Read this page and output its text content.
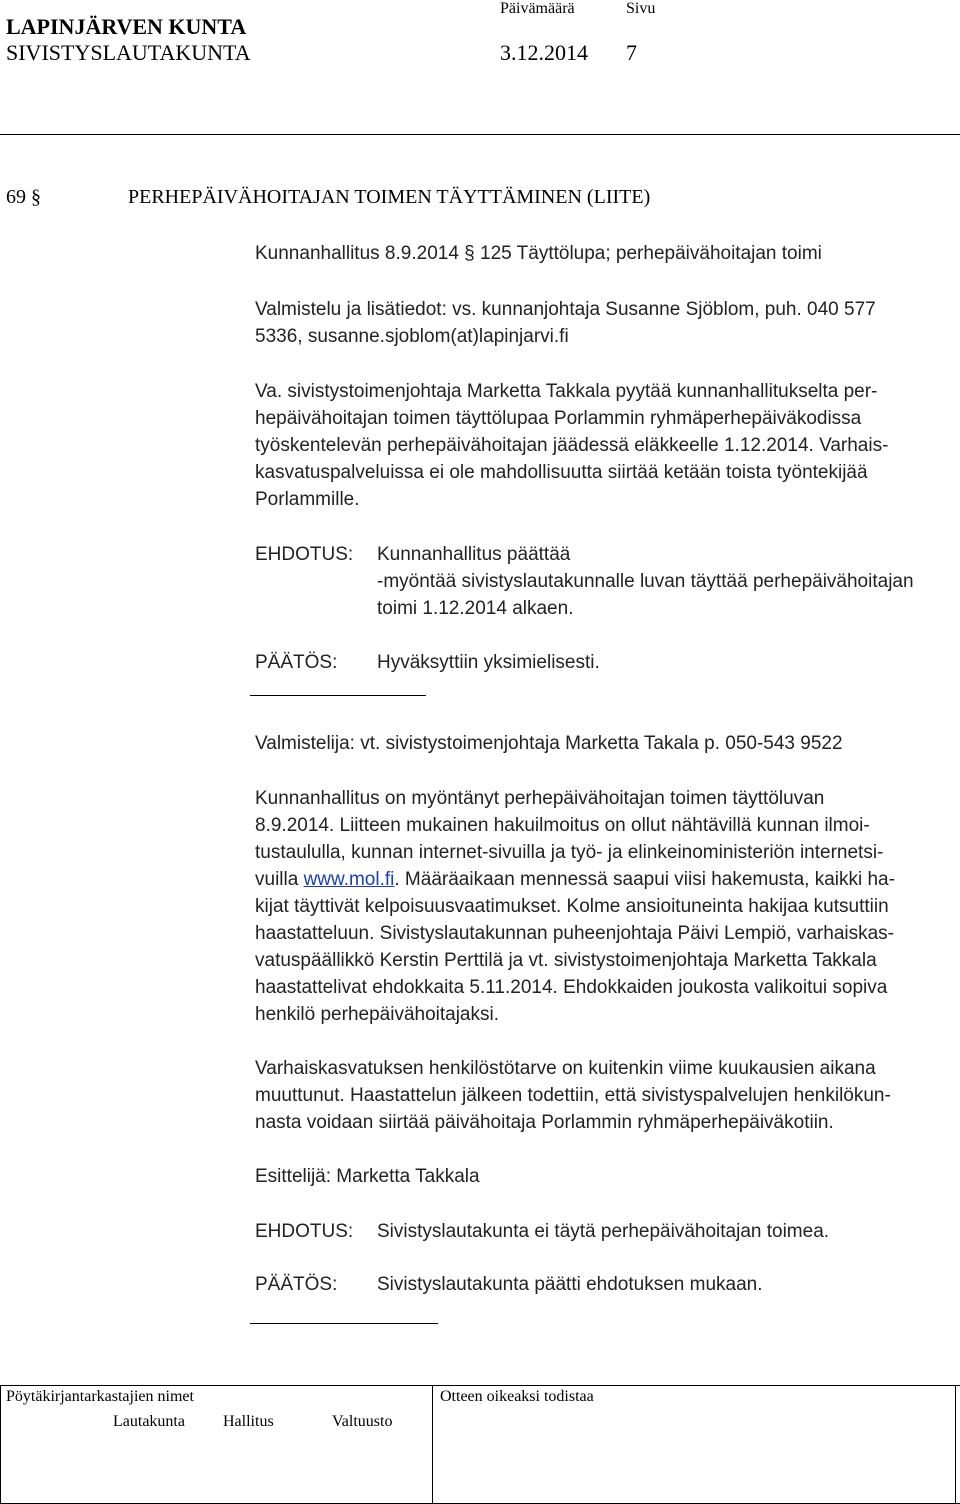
LAPINJÄRVEN KUNTA
SIVISTYSLAUTAKUNTA
Päivämäärä	Sivu
3.12.2014 7
69 §	PERHEPÄIVÄHOITAJAN TOIMEN TÄYTTÄMINEN (LIITE)
Kunnanhallitus 8.9.2014 § 125 Täyttölupa; perhepäivähoitajan toimi
Valmistelu ja lisätiedot: vs. kunnanjohtaja Susanne Sjöblom, puh. 040 577
5336, susanne.sjoblom(at)lapinjarvi.fi
Va. sivistystoimenjohtaja Marketta Takkala pyytää kunnanhallitukselta per-
hepäivähoitajan toimen täyttölupaa Porlammin ryhmäperhepäiväkodissa
työskentelevän perhepäivähoitajan jäädessä eläkkeelle 1.12.2014. Varhais-
kasvatuspalveluissa ei ole mahdollisuutta siirtää ketään toista työntekijää
Porlammille.
EHDOTUS: Kunnanhallitus päättää
-myöntää sivistyslautakunnalle luvan täyttää perhepäivähoitajan
toimi 1.12.2014 alkaen.
PÄÄTÖS: Hyväksyttiin yksimielisesti.
Valmistelija: vt. sivistystoimenjohtaja Marketta Takala p. 050-543 9522
Kunnanhallitus on myöntänyt perhepäivähoitajan toimen täyttöluvan
8.9.2014. Liitteen mukainen hakuilmoitus on ollut nähtävillä kunnan ilmoi-
tustaululla, kunnan internet-sivuilla ja työ- ja elinkeinoministeriön internetsi-
vuilla www.mol.fi. Määräaikaan mennessä saapui viisi hakemusta, kaikki ha-
kijat täyttivät kelpoisuusvaatimukset. Kolme ansioituneinta hakijaa kutsuttiin
haastatteluun. Sivistyslautakunnan puheenjohtaja Päivi Lempiö, varhaiskas-
vatuspäällikkö Kerstin Perttilä ja vt. sivistystoimenjohtaja Marketta Takkala
haastattelivat ehdokkaita 5.11.2014. Ehdokkaiden joukosta valikoitui sopiva
henkilö perhepäivähoitajaksi.
Varhaiskasvatuksen henkilöstötarve on kuitenkin viime kuukausien aikana
muuttunut. Haastattelun jälkeen todettiin, että sivistyspalvelujen henkilökun-
nasta voidaan siirtää päivähoitaja Porlammin ryhmäperhepäiväkotiin.
Esittelijä: Marketta Takkala
EHDOTUS: Sivistyslautakunta ei täytä perhepäivähoitajan toimea.
PÄÄTÖS: Sivistyslautakunta päätti ehdotuksen mukaan.
Pöytäkirjantarkastajien nimet	Otteen oikeaksi todistaa
Lautakunta Hallitus	Valtuusto
